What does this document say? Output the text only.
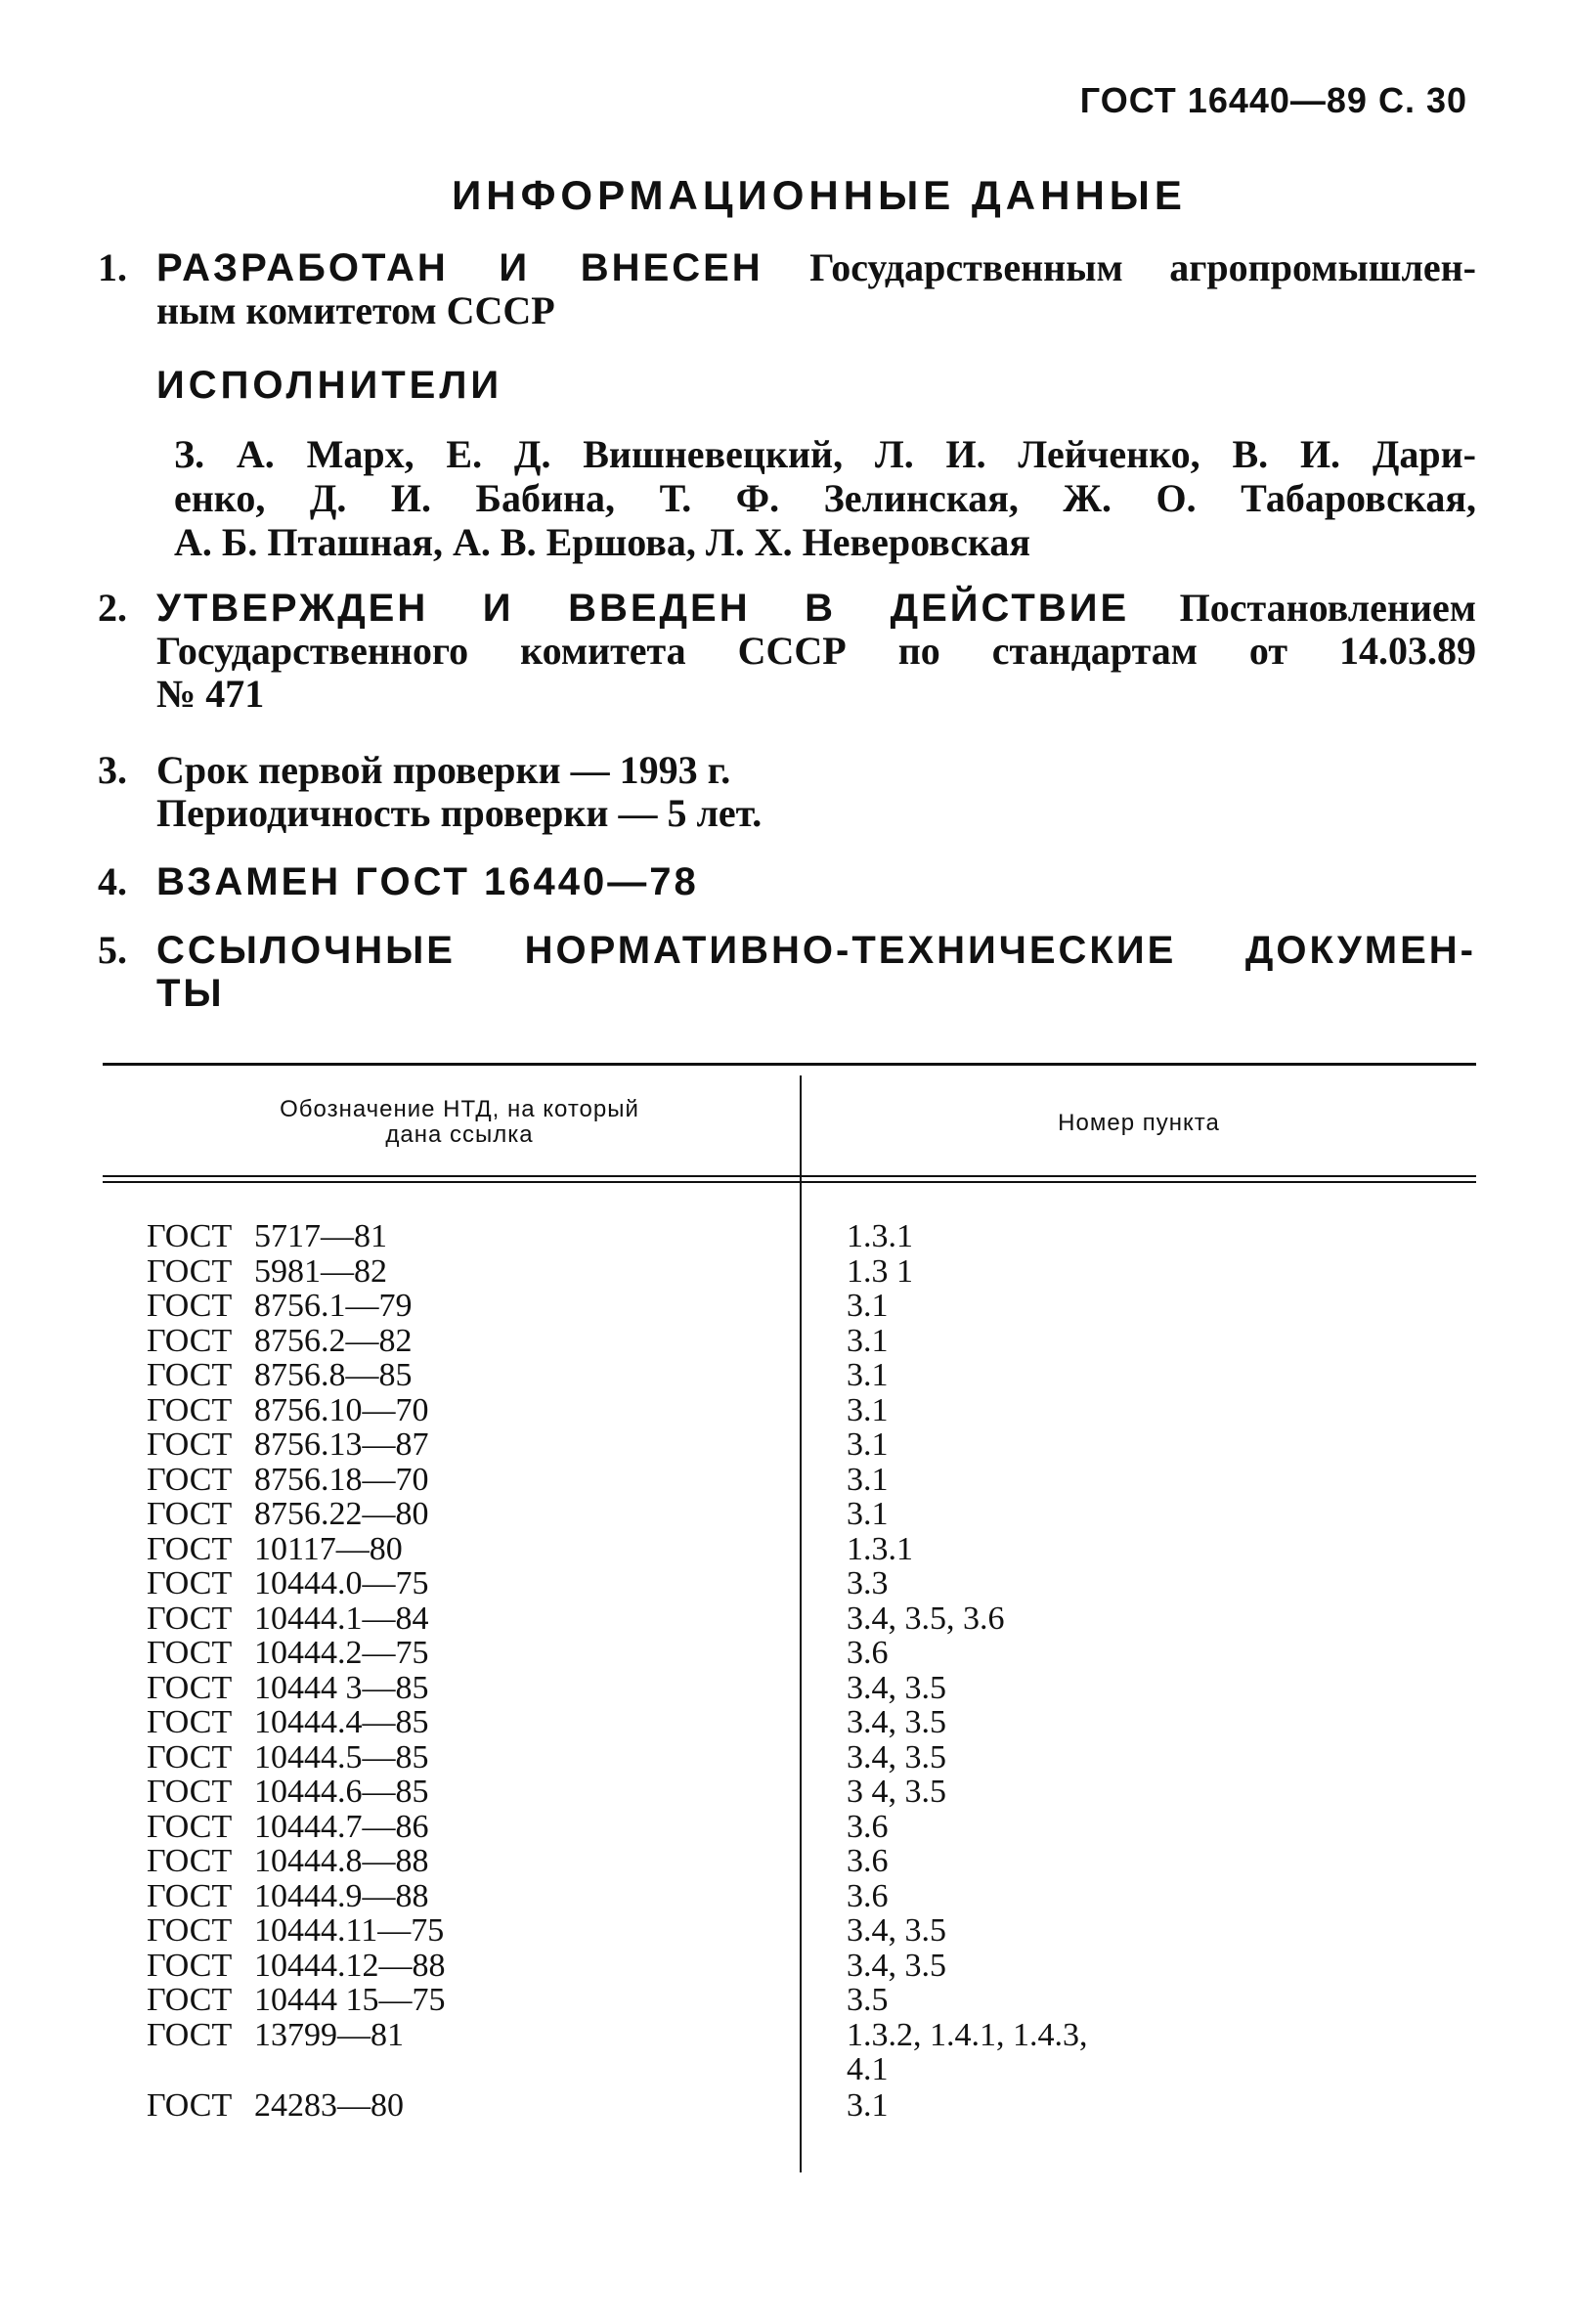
ГОСТ 16440—89 С. 30
ИНФОРМАЦИОННЫЕ ДАННЫЕ
1. РАЗРАБОТАН И ВНЕСЕН Государственным агропромышлен-
ным комитетом СССР
ИСПОЛНИТЕЛИ
З. А. Марх, Е. Д. Вишневецкий, Л. И. Лейченко, В. И. Дари-
енко, Д. И. Бабина, Т. Ф. Зелинская, Ж. О. Табаровская,
А. Б. Пташная, А. В. Ершова, Л. Х. Неверовская
2. УТВЕРЖДЕН И ВВЕДЕН В ДЕЙСТВИЕ Постановлением
Государственного комитета СССР по стандартам от 14.03.89
№ 471
3. Срок первой проверки — 1993 г.
Периодичность проверки — 5 лет.
4. ВЗАМЕН ГОСТ 16440—78
5. ССЫЛОЧНЫЕ НОРМАТИВНО-ТЕХНИЧЕСКИЕ ДОКУМЕН-
ТЫ
Обозначение НТД, на который
дана ссылка	Номер пункта
ГОСТ 5717—81	1.3.1
ГОСТ 5981—82	1.3 1
ГОСТ 8756.1—79	3.1
ГОСТ 8756.2—82	3.1
ГОСТ 8756.8—85	3.1
ГОСТ 8756.10—70	3.1
ГОСТ 8756.13—87	3.1
ГОСТ 8756.18—70	3.1
ГОСТ 8756.22—80	3.1
ГОСТ 10117—80	1.3.1
ГОСТ 10444.0—75	3.3
ГОСТ 10444.1—84	3.4, 3.5, 3.6
ГОСТ 10444.2—75	3.6
ГОСТ 10444 3—85	3.4, 3.5
ГОСТ 10444.4—85	3.4, 3.5
ГОСТ 10444.5—85	3.4, 3.5
ГОСТ 10444.6—85	3 4, 3.5
ГОСТ 10444.7—86	3.6
ГОСТ 10444.8—88	3.6
ГОСТ 10444.9—88	3.6
ГОСТ 10444.11—75	3.4, 3.5
ГОСТ 10444.12—88	3.4, 3.5
ГОСТ 10444 15—75	3.5
ГОСТ 13799—81	1.3.2, 1.4.1, 1.4.3,
4.1
ГОСТ 24283—80	3.1
